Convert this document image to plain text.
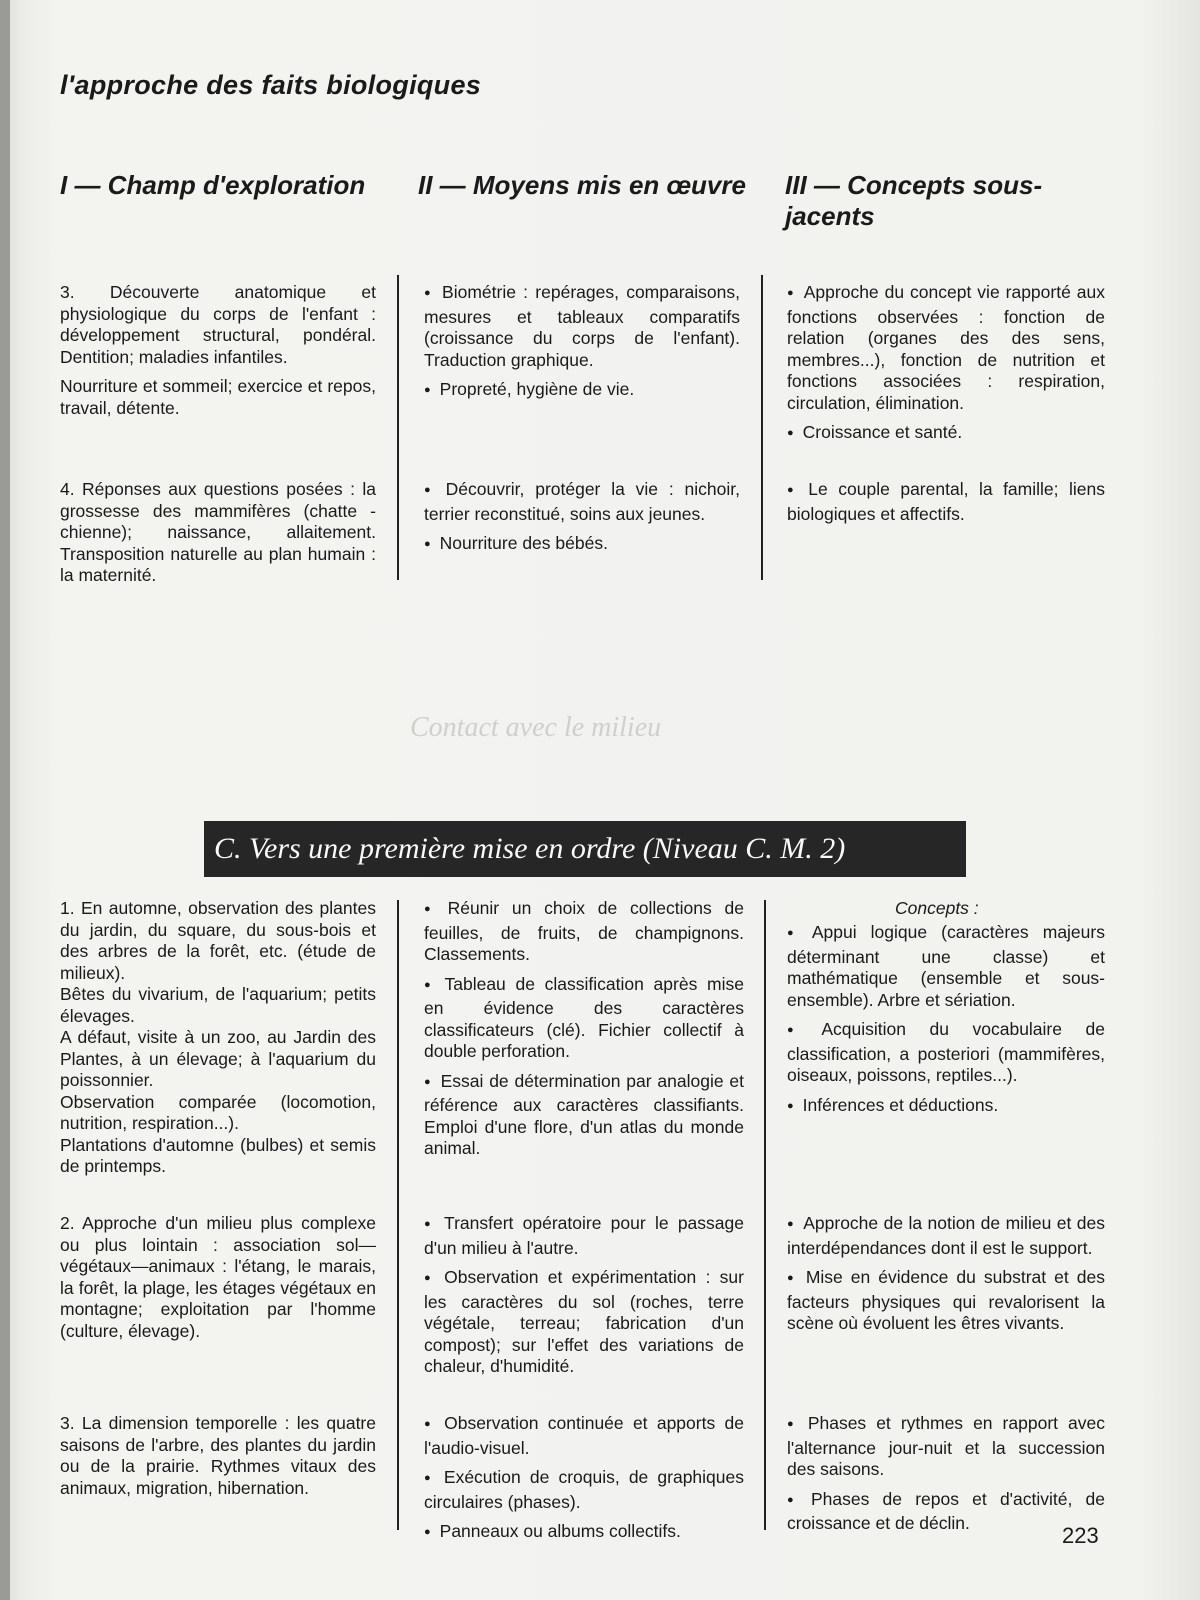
Contact avec le milieu
l'approche des faits biologiques
I — Champ d'exploration	II — Moyens mis en œuvre III — Concepts sous-jacents

3. Découverte anatomique et physiologique du corps de l'enfant : développement structural, pondéral. Dentition; maladies infantiles.

Nourriture et sommeil; exercice et repos, travail, détente.

● Biométrie : repérages, comparaisons, mesures et tableaux comparatifs (croissance du corps de l'enfant). Traduction graphique.

● Propreté, hygiène de vie.

● Approche du concept vie rapporté aux fonctions observées : fonction de relation (organes des des sens, membres...), fonction de nutrition et fonctions associées : respiration, circulation, élimination.

● Croissance et santé.

4. Réponses aux questions posées : la grossesse des mammifères (chatte - chienne); naissance, allaitement. Transposition naturelle au plan humain : la maternité.

● Découvrir, protéger la vie : nichoir, terrier reconstitué, soins aux jeunes.

● Nourriture des bébés.

● Le couple parental, la famille; liens biologiques et affectifs.

C. Vers une première mise en ordre (Niveau C. M. 2)
Concepts :

1. En automne, observation des plantes du jardin, du square, du sous-bois et des arbres de la forêt, etc. (étude de milieux).

Bêtes du vivarium, de l'aquarium; petits élevages.

A défaut, visite à un zoo, au Jardin des Plantes, à un élevage; à l'aquarium du poissonnier.

Observation comparée (locomotion, nutrition, respiration...).

Plantations d'automne (bulbes) et semis de printemps.

● Réunir un choix de collections de feuilles, de fruits, de champignons. Classements.

● Tableau de classification après mise en évidence des caractères classificateurs (clé). Fichier collectif à double perforation.

● Essai de détermination par analogie et référence aux caractères classifiants. Emploi d'une flore, d'un atlas du monde animal.

● Appui logique (caractères majeurs déterminant une classe) et mathématique (ensemble et sous-ensemble). Arbre et sériation.

● Acquisition du vocabulaire de classification, a posteriori (mammifères, oiseaux, poissons, reptiles...).

● Inférences et déductions.

2. Approche d'un milieu plus complexe ou plus lointain : association sol—végétaux—animaux : l'étang, le marais, la forêt, la plage, les étages végétaux en montagne; exploitation par l'homme (culture, élevage).

● Transfert opératoire pour le passage d'un milieu à l'autre.

● Observation et expérimentation : sur les caractères du sol (roches, terre végétale, terreau; fabrication d'un compost); sur l'effet des variations de chaleur, d'humidité.

● Approche de la notion de milieu et des interdépendances dont il est le support.

● Mise en évidence du substrat et des facteurs physiques qui revalorisent la scène où évoluent les êtres vivants.

3. La dimension temporelle : les quatre saisons de l'arbre, des plantes du jardin ou de la prairie. Rythmes vitaux des animaux, migration, hibernation.

● Observation continuée et apports de l'audio-visuel.

● Exécution de croquis, de graphiques circulaires (phases).

● Panneaux ou albums collectifs.

● Phases et rythmes en rapport avec l'alternance jour-nuit et la succession des saisons.

● Phases de repos et d'activité, de croissance et de déclin.	223
